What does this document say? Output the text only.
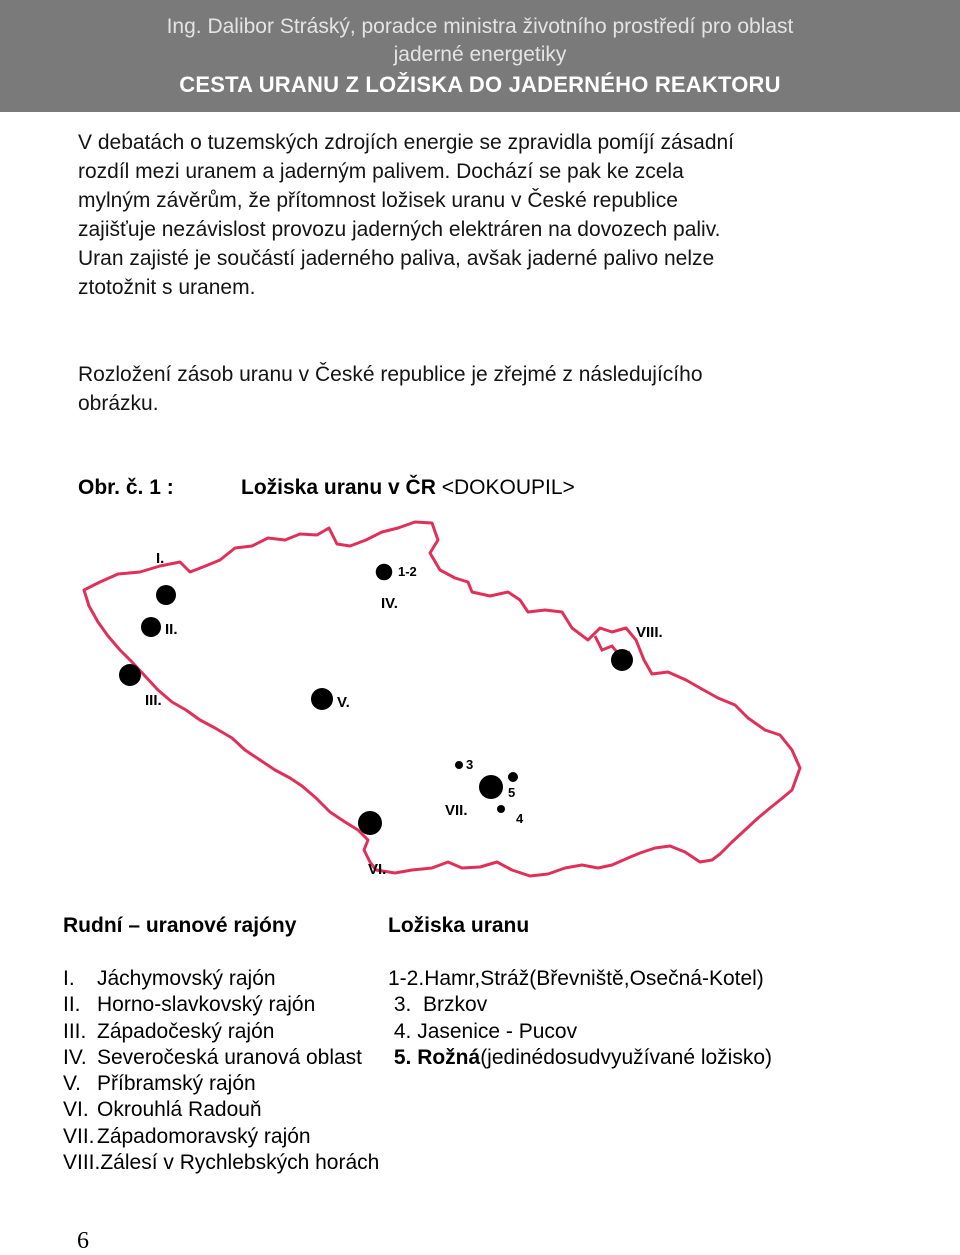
Ing. Dalibor Stráský, poradce ministra životního prostředí pro oblast
jaderné energetiky
CESTA URANU Z LOŽISKA DO JADERNÉHO REAKTORU
V debatách o tuzemských zdrojích energie se zpravidla pomíjí zásadní
rozdíl mezi uranem a jaderným palivem. Dochází se pak ke zcela
mylným závěrům, že přítomnost ložisek uranu v České republice
zajišťuje nezávislost provozu jaderných elektráren na dovozech paliv.
Uran zajisté je součástí jaderného paliva, avšak jaderné palivo nelze
ztotožnit s uranem.
Rozložení zásob uranu v České republice je zřejmé z následujícího
obrázku.
Obr. č. 1 :	Ložiska uranu v ČR <DOKOUPIL>
I.
II.
III.
IV.
V.
VI.
VII.
VIII.
1-2
3
4
5
Rudní – uranové rajóny	Ložiska uranu
I. Jáchymovský rajón
II. Horno-slavkovský rajón
III. Západočeský rajón
IV. Severočeská uranová oblast
V. Příbramský rajón
VI. Okrouhlá Radouň
VII. Západomoravský rajón
VIII.Zálesí v Rychlebských horách
1-2.Hamr,Stráž(Břevniště,Osečná-Kotel)
3.  Brzkov
4. Jasenice - Pucov
5. Rožná(jedinédosudvyužívané ložisko)
6
